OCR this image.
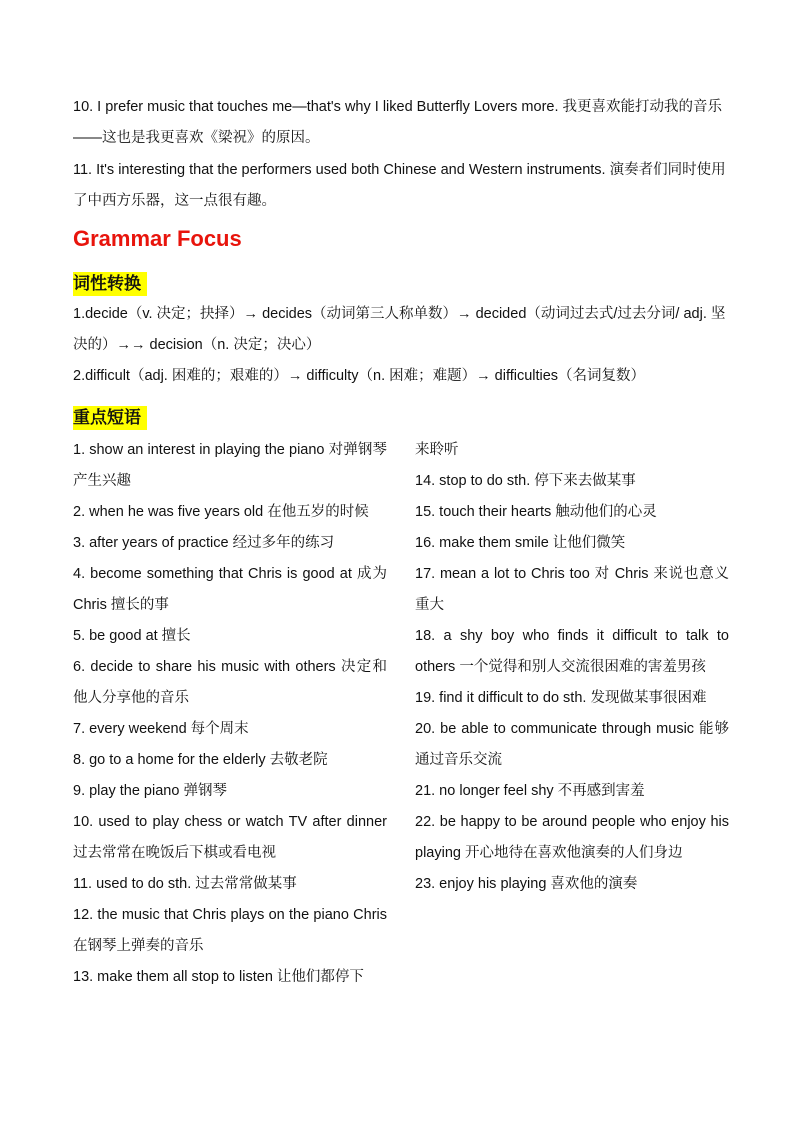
10. I prefer music that touches me—that's why I liked Butterfly Lovers more. 我更喜欢能打动我的音乐——这也是我更喜欢《梁祝》的原因。
11. It's interesting that the performers used both Chinese and Western instruments. 演奏者们同时使用了中西方乐器，这一点很有趣。
Grammar Focus
词性转换
1.decide（v. 决定；抉择）→ decides（动词第三人称单数）→ decided（动词过去式/过去分词/ adj. 坚决的）→→ decision（n. 决定；决心）
2.difficult（adj. 困难的；艰难的）→ difficulty（n. 困难；难题）→ difficulties（名词复数）
重点短语
1. show an interest in playing the piano 对弹钢琴产生兴趣
2. when he was five years old 在他五岁的时候
3. after years of practice 经过多年的练习
4. become something that Chris is good at 成为 Chris 擅长的事
5. be good at 擅长
6. decide to share his music with others 决定和他人分享他的音乐
7. every weekend 每个周末
8. go to a home for the elderly 去敬老院
9. play the piano 弹钢琴
10. used to play chess or watch TV after dinner 过去常常在晚饭后下棋或看电视
11. used to do sth. 过去常常做某事
12. the music that Chris plays on the piano Chris 在钢琴上弹奏的音乐
13. make them all stop to listen 让他们都停下
来聆听
14. stop to do sth. 停下来去做某事
15. touch their hearts 触动他们的心灵
16. make them smile 让他们微笑
17. mean a lot to Chris too 对 Chris 来说也意义重大
18. a shy boy who finds it difficult to talk to others 一个觉得和别人交流很困难的害羞男孩
19. find it difficult to do sth. 发现做某事很困难
20. be able to communicate through music 能够通过音乐交流
21. no longer feel shy 不再感到害羞
22. be happy to be around people who enjoy his playing 开心地待在喜欢他演奏的人们身边
23. enjoy his playing 喜欢他的演奏
